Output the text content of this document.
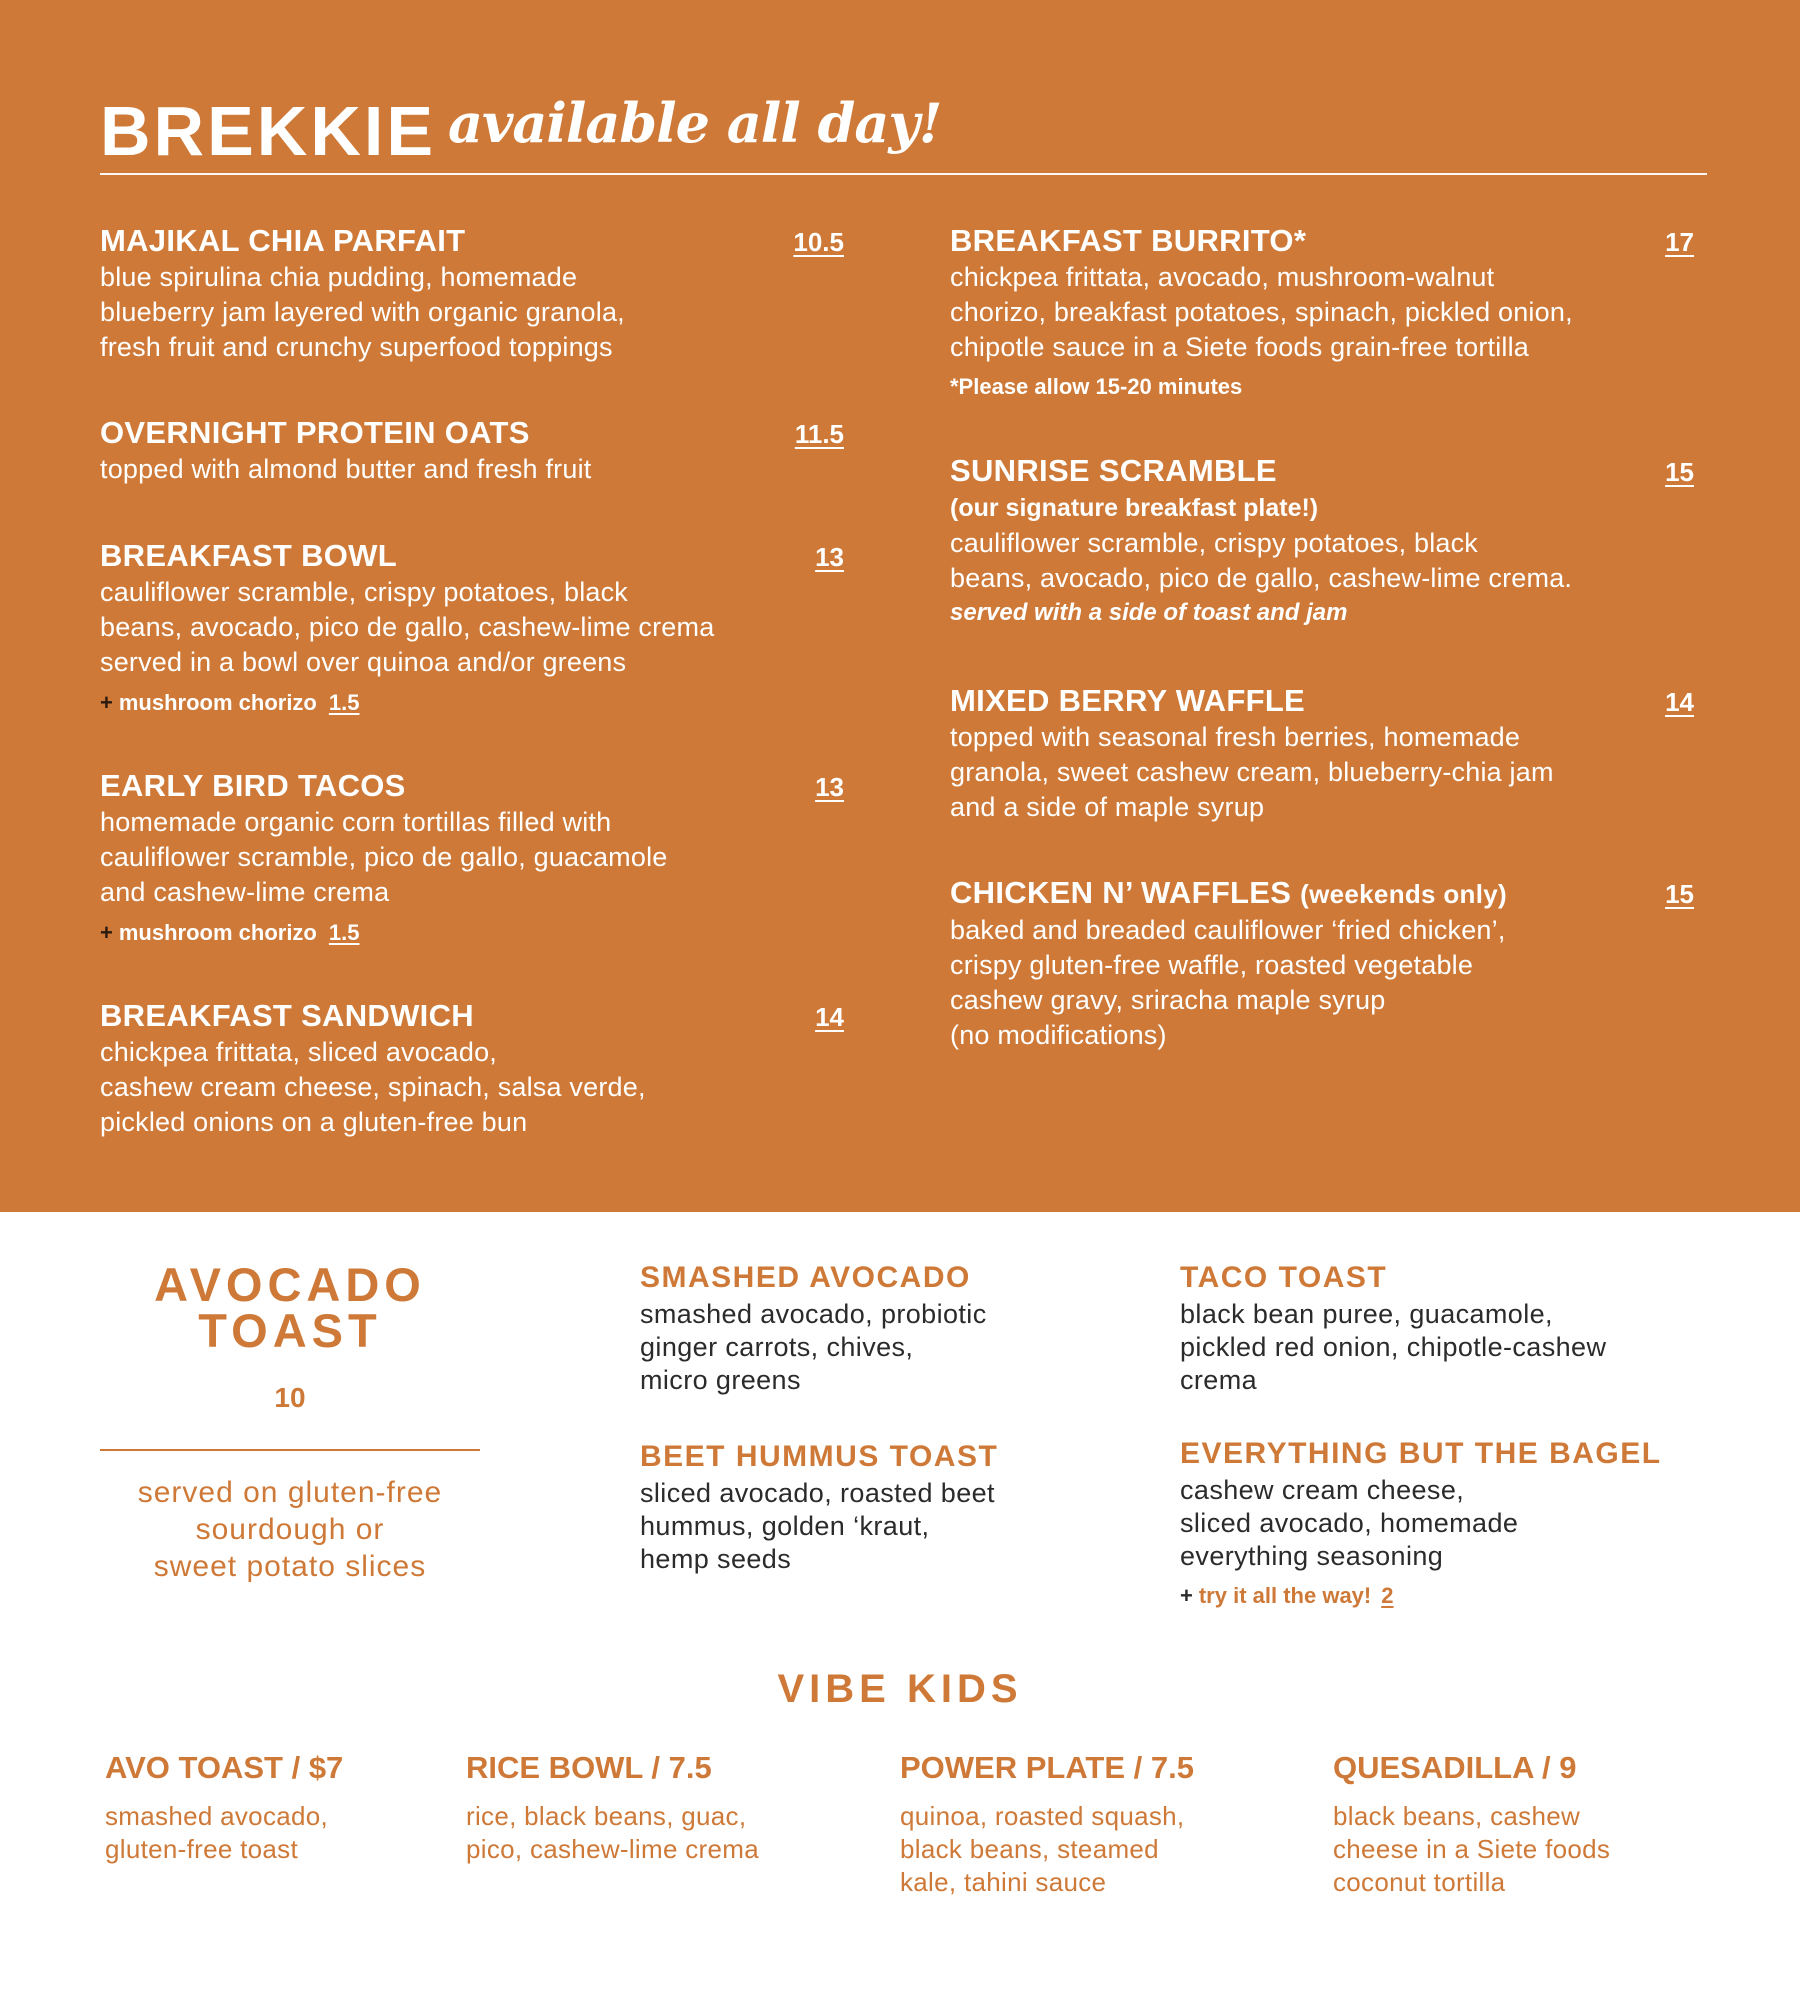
BREKKIE available all day!
MAJIKAL CHIA PARFAIT	10.5
blue spirulina chia pudding, homemade
blueberry jam layered with organic granola,
fresh fruit and crunchy superfood toppings
OVERNIGHT PROTEIN OATS	11.5
topped with almond butter and fresh fruit
BREAKFAST BOWL	13
cauliflower scramble, crispy potatoes, black
beans, avocado, pico de gallo, cashew-lime crema
served in a bowl over quinoa and/or greens
+ mushroom chorizo 1.5
EARLY BIRD TACOS	13
homemade organic corn tortillas filled with
cauliflower scramble, pico de gallo, guacamole
and cashew-lime crema
+ mushroom chorizo 1.5
BREAKFAST SANDWICH	14
chickpea frittata, sliced avocado,
cashew cream cheese, spinach, salsa verde,
pickled onions on a gluten-free bun
BREAKFAST BURRITO*	17
chickpea frittata, avocado, mushroom-walnut
chorizo, breakfast potatoes, spinach, pickled onion,
chipotle sauce in a Siete foods grain-free tortilla
*Please allow 15-20 minutes
SUNRISE SCRAMBLE	15
(our signature breakfast plate!)
cauliflower scramble, crispy potatoes, black
beans, avocado, pico de gallo, cashew-lime crema.
served with a side of toast and jam
MIXED BERRY WAFFLE	14
topped with seasonal fresh berries, homemade
granola, sweet cashew cream, blueberry-chia jam
and a side of maple syrup
CHICKEN N’ WAFFLES (weekends only)	15
baked and breaded cauliflower ‘fried chicken’,
crispy gluten-free waffle, roasted vegetable
cashew gravy, sriracha maple syrup
(no modifications)
AVOCADO
TOAST
10
served on gluten-free
sourdough or
sweet potato slices
SMASHED AVOCADO
smashed avocado, probiotic
ginger carrots, chives,
micro greens
BEET HUMMUS TOAST
sliced avocado, roasted beet
hummus, golden ‘kraut,
hemp seeds
TACO TOAST
black bean puree, guacamole,
pickled red onion, chipotle-cashew
crema
EVERYTHING BUT THE BAGEL
cashew cream cheese,
sliced avocado, homemade
everything seasoning
+ try it all the way! 2
VIBE KIDS
AVO TOAST / $7
smashed avocado,
gluten-free toast
RICE BOWL / 7.5
rice, black beans, guac,
pico, cashew-lime crema
POWER PLATE / 7.5
quinoa, roasted squash,
black beans, steamed
kale, tahini sauce
QUESADILLA / 9
black beans, cashew
cheese in a Siete foods
coconut tortilla
